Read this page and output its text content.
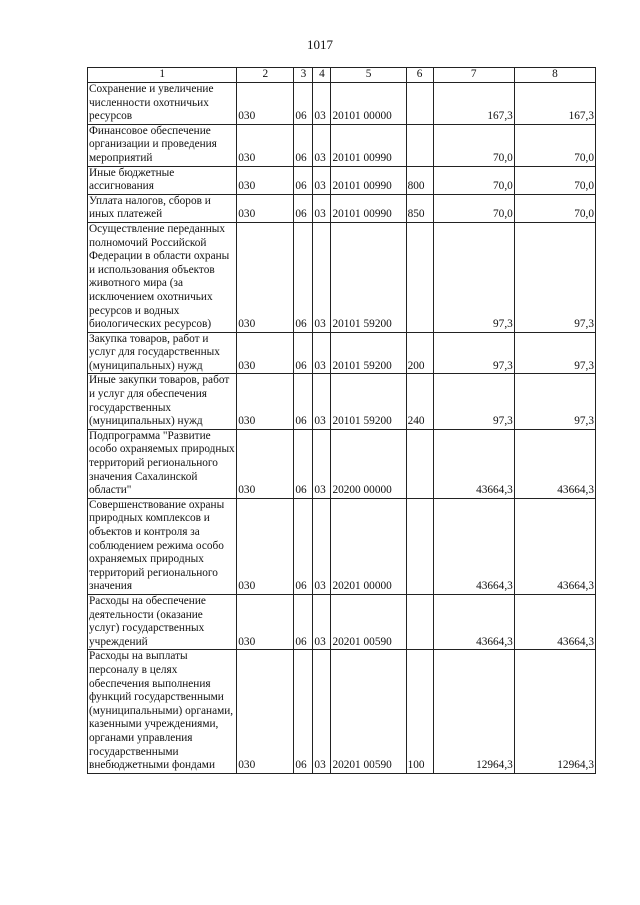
1017
1	2	3	4	5	6	7	8
Сохранение и увеличение численности охотничьих ресурсов	030	06	03	20101 00000		167,3	167,3
Финансовое обеспечение организации и проведения мероприятий	030	06	03	20101 00990		70,0	70,0
Иные бюджетные ассигнования	030	06	03	20101 00990	800	70,0	70,0
Уплата налогов, сборов и иных платежей	030	06	03	20101 00990	850	70,0	70,0
Осуществление переданных полномочий Российской Федерации в области охраны и использования объектов животного мира (за исключением охотничьих ресурсов и водных биологических ресурсов)	030	06	03	20101 59200		97,3	97,3
Закупка товаров, работ и услуг для государственных (муниципальных) нужд	030	06	03	20101 59200	200	97,3	97,3
Иные закупки товаров, работ и услуг для обеспечения государственных (муниципальных) нужд	030	06	03	20101 59200	240	97,3	97,3
Подпрограмма "Развитие особо охраняемых природных территорий регионального значения Сахалинской области"	030	06	03	20200 00000		43664,3	43664,3
Совершенствование охраны природных комплексов и объектов и контроля за соблюдением режима особо охраняемых природных территорий регионального значения	030	06	03	20201 00000		43664,3	43664,3
Расходы на обеспечение деятельности (оказание услуг) государственных учреждений	030	06	03	20201 00590		43664,3	43664,3
Расходы на выплаты персоналу в целях обеспечения выполнения функций государственными (муниципальными) органами, казенными учреждениями, органами управления государственными внебюджетными фондами	030	06	03	20201 00590	100	12964,3	12964,3
